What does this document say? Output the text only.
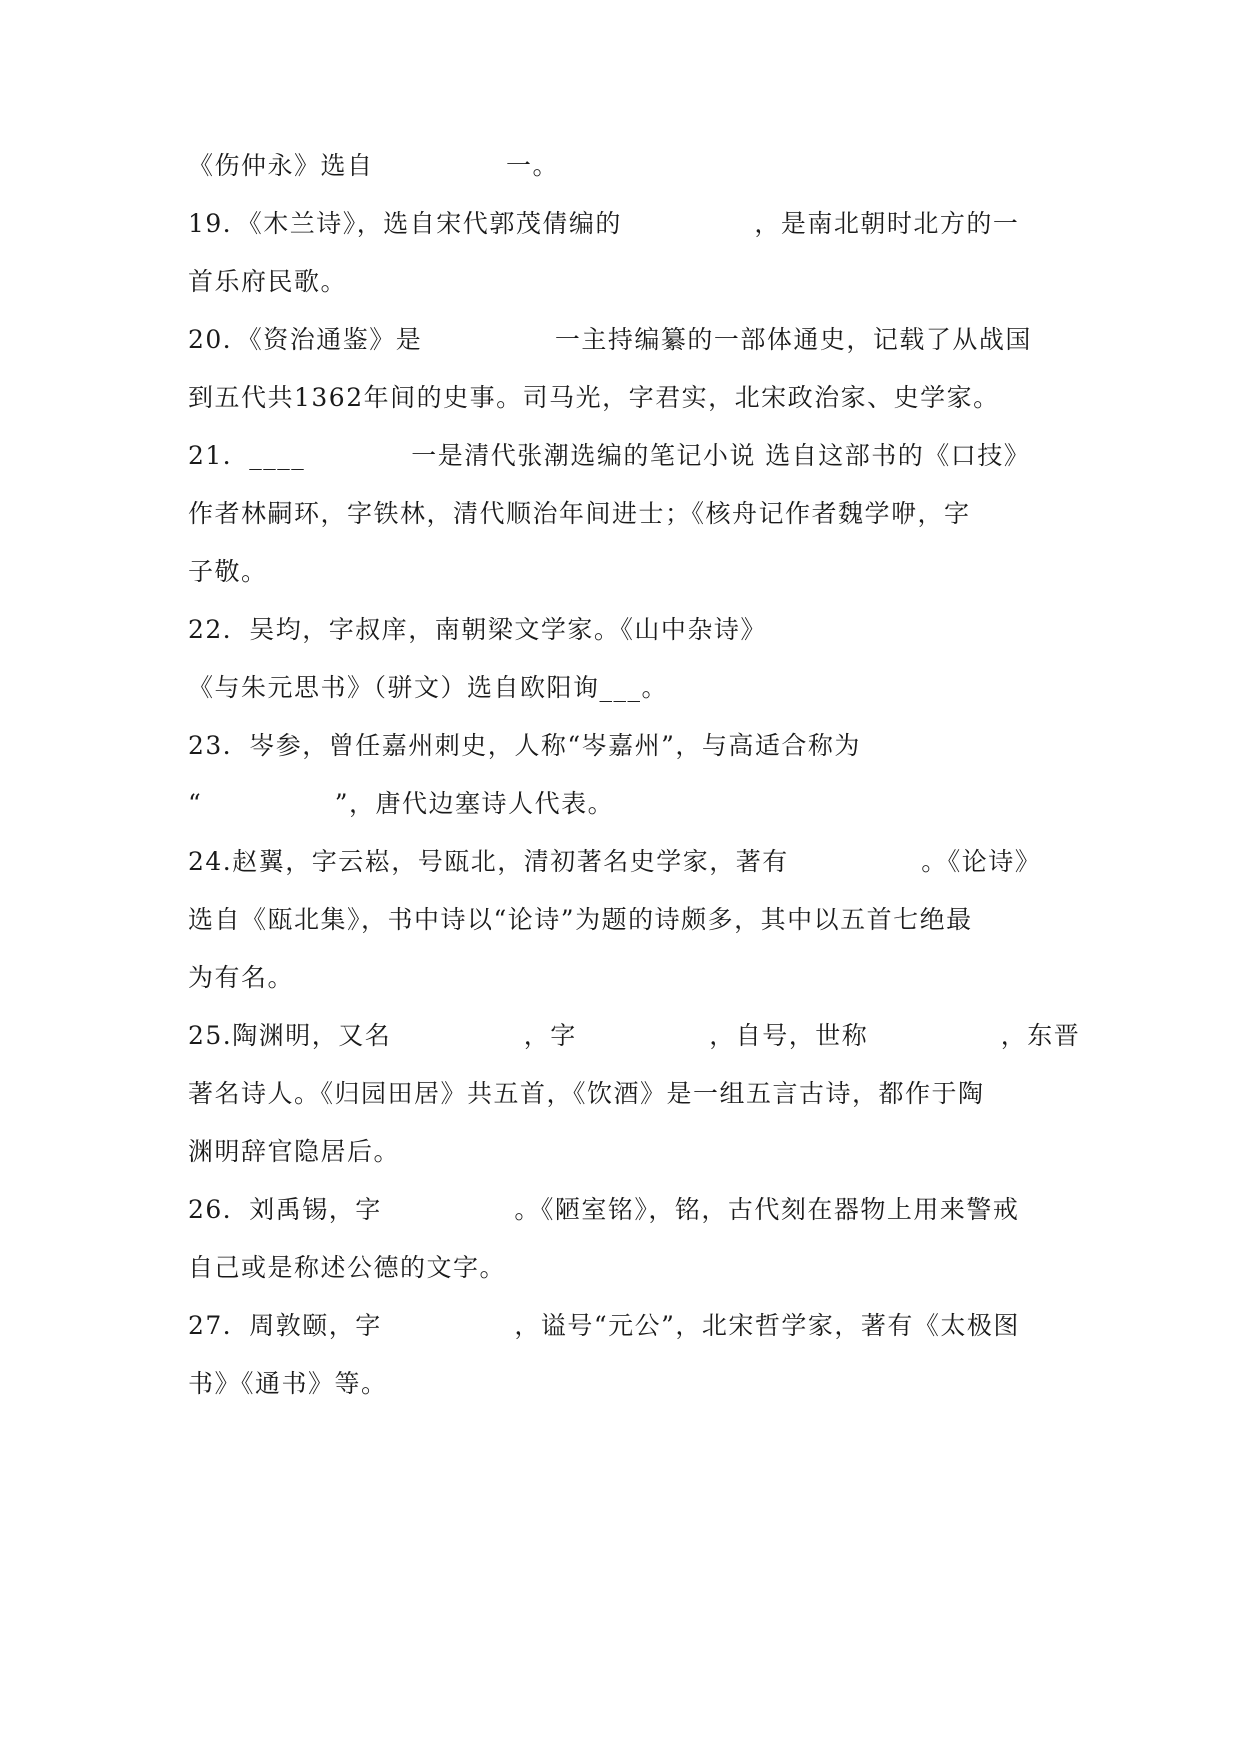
《伤仲永》选自　　　　　一。
19．《木兰诗》，选自宋代郭茂倩编的　　　　　，是南北朝时北方的一
首乐府民歌。
20．《资治通鉴》是　　　　　一主持编纂的一部体通史，记载了从战国
到五代共1362年间的史事。司马光，字君实，北宋政治家、史学家。
21．____　　　　一是清代张潮选编的笔记小说 选自这部书的《口技》
作者林嗣环，字铁林，清代顺治年间进士；《核舟记作者魏学咿，字
子敬。
22．吴均，字叔庠，南朝梁文学家。《山中杂诗》
《与朱元思书》（骈文）选自欧阳询___。
23．岑参，曾任嘉州刺史，人称“岑嘉州”，与高适合称为
“　　　　　”，唐代边塞诗人代表。
24.赵翼，字云崧，号瓯北，清初著名史学家，著有　　　　　。《论诗》
选自《瓯北集》，书中诗以“论诗”为题的诗颇多，其中以五首七绝最
为有名。
25.陶渊明，又名　　　　　，字　　　　　，自号，世称　　　　　，东晋
著名诗人。《归园田居》共五首，《饮酒》是一组五言古诗，都作于陶
渊明辞官隐居后。
26．刘禹锡，字　　　　　。《陋室铭》，铭，古代刻在器物上用来警戒
自己或是称述公德的文字。
27．周敦颐，字　　　　　，谥号“元公”，北宋哲学家，著有《太极图
书》《通书》等。
